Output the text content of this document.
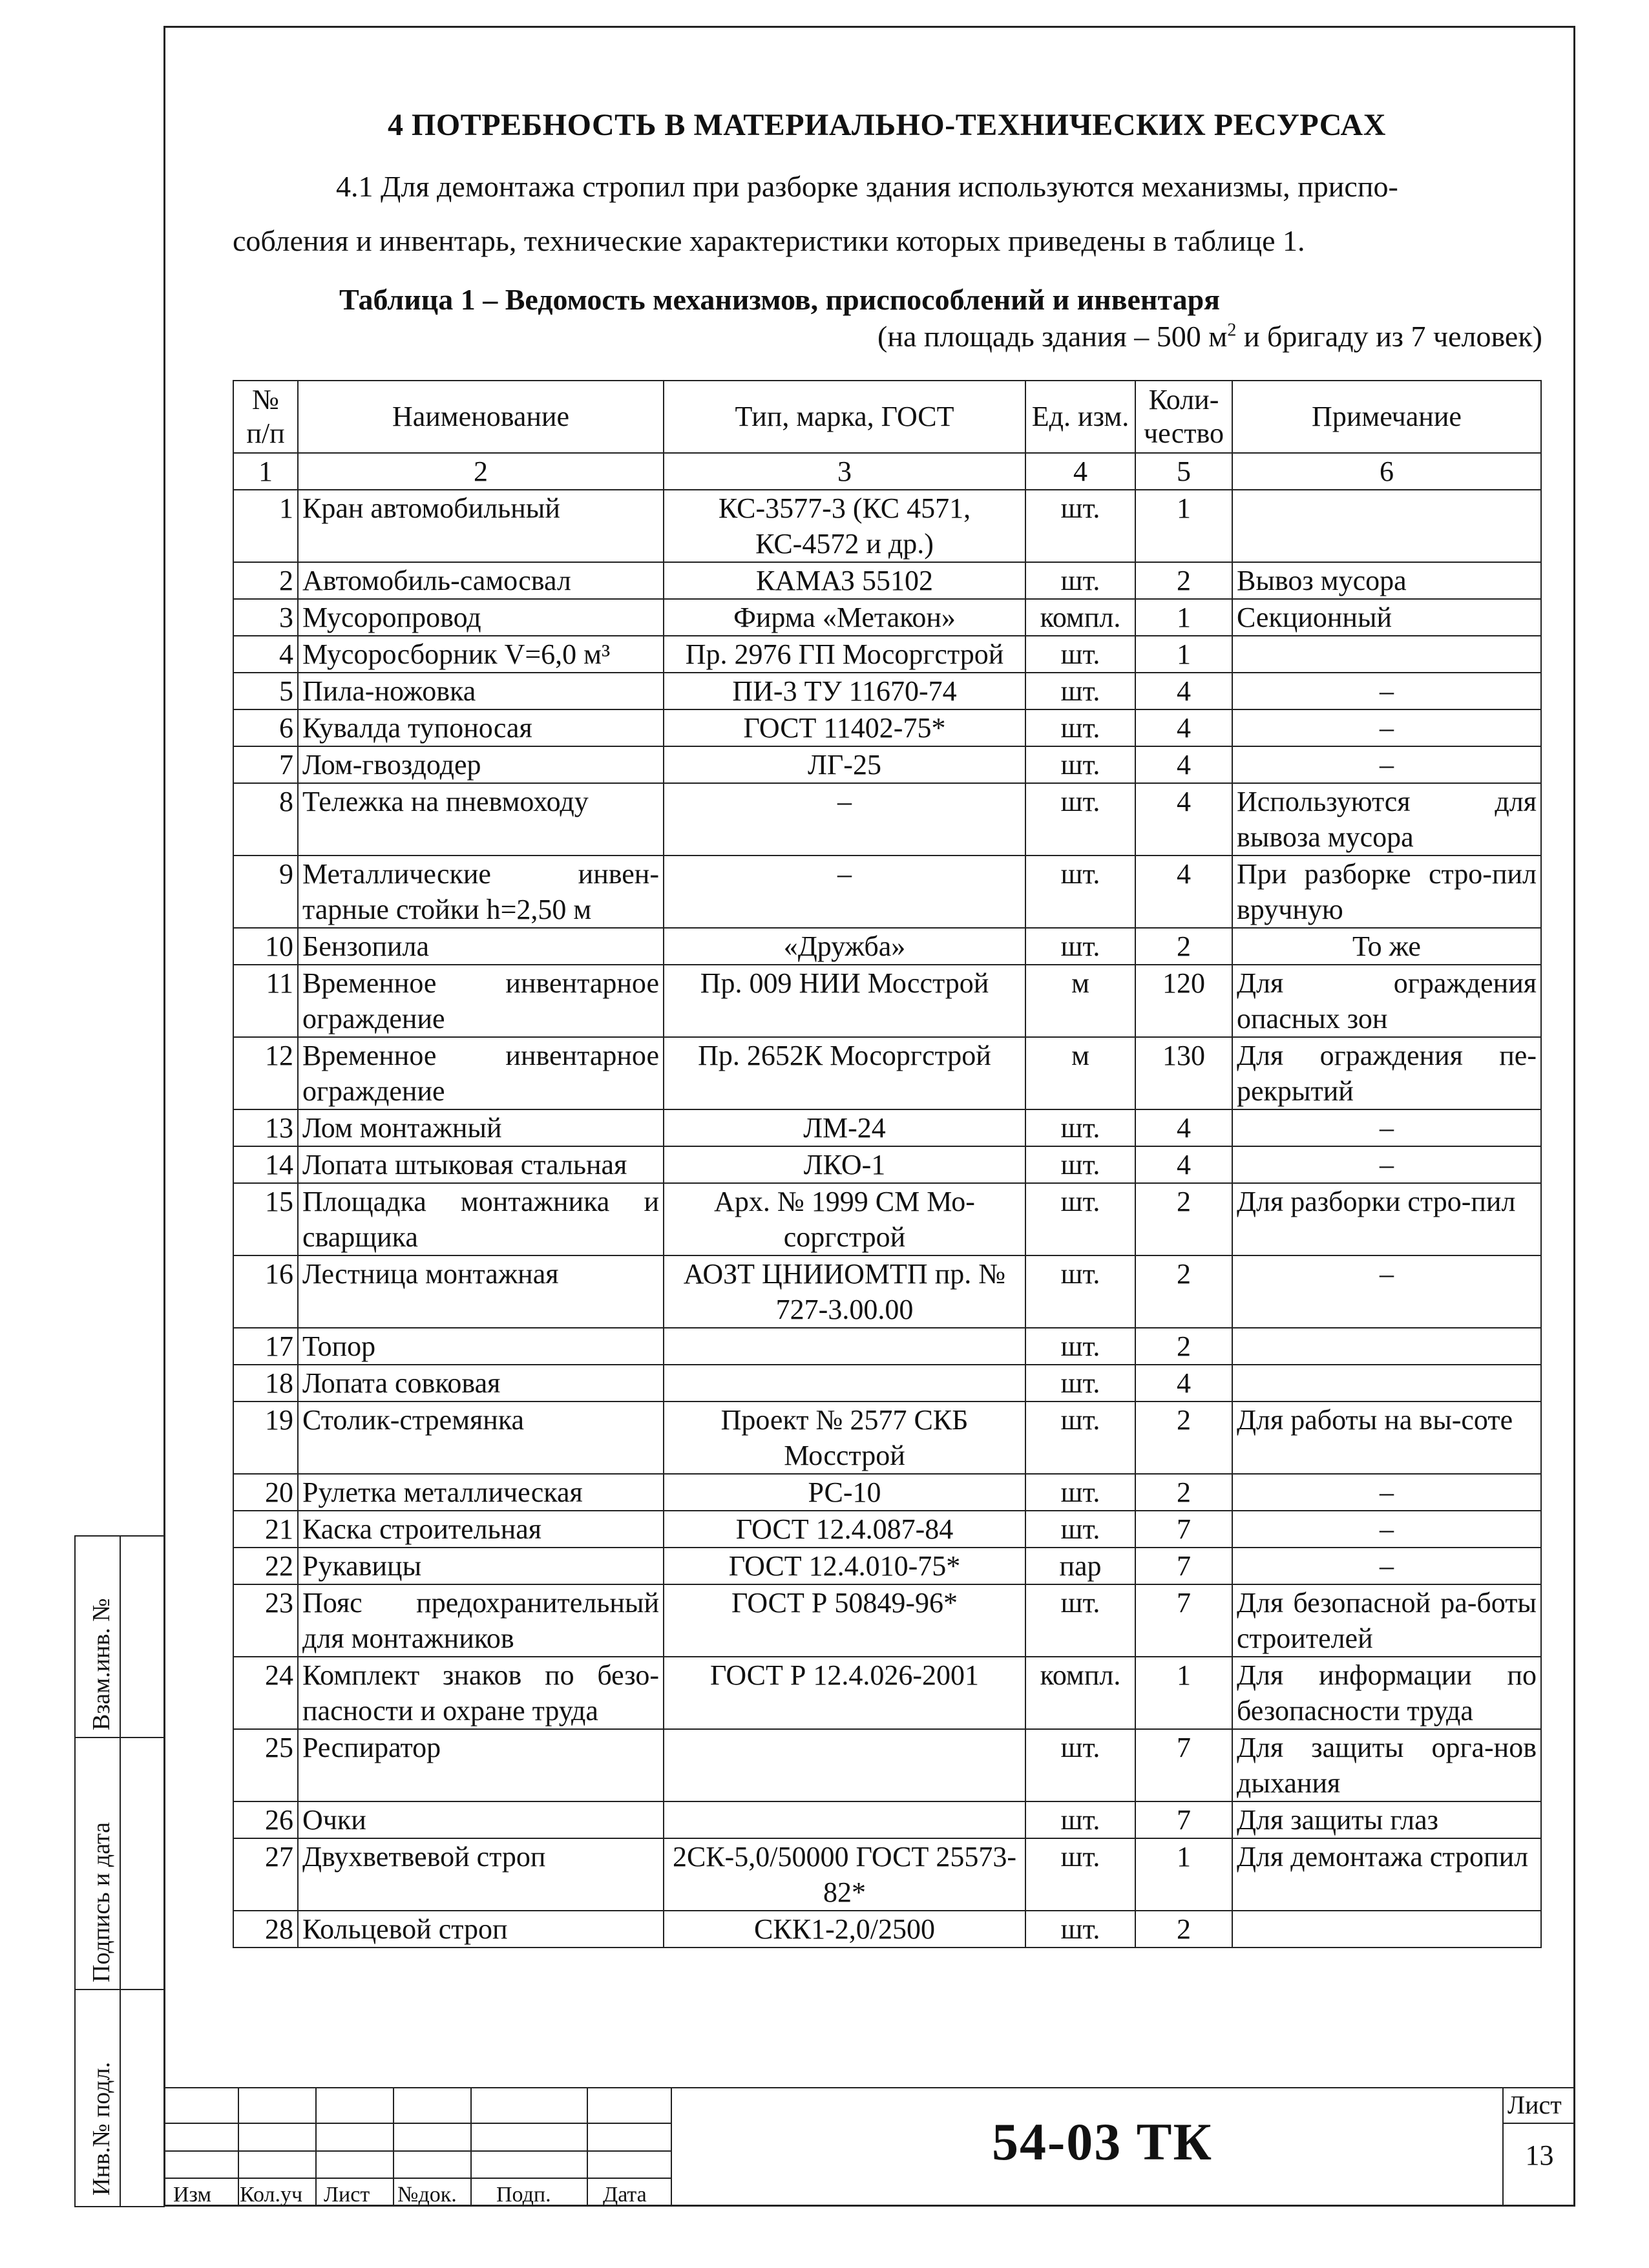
4 ПОТРЕБНОСТЬ В МАТЕРИАЛЬНО-ТЕХНИЧЕСКИХ РЕСУРСАХ
4.1 Для демонтажа стропил при разборке здания используются механизмы, приспо-
собления и инвентарь, технические характеристики которых приведены в таблице 1.
Таблица 1 – Ведомость механизмов, приспособлений и инвентаря
(на площадь здания – 500 $м^2$ и бригаду из 7 человек)
№ п/п	Наименование	Тип, марка, ГОСТ	Ед. изм.	Коли-чество	Примечание
1	2	3	4	5	6
1	Кран автомобильный	КС-3577-3 (КС 4571, КС-4572 и др.)	шт.	1	
2	Автомобиль-самосвал	КАМАЗ 55102	шт.	2	Вывоз мусора
3	Мусоропровод	Фирма «Метакон»	компл.	1	Секционный
4	Мусоросборник V=6,0 м³	Пр. 2976 ГП Мосоргстрой	шт.	1	
5	Пила-ножовка	ПИ-3 ТУ 11670-74	шт.	4	–
6	Кувалда тупоносая	ГОСТ 11402-75*	шт.	4	–
7	Лом-гвоздодер	ЛГ-25	шт.	4	–
8	Тележка на пневмоходу	–	шт.	4	Используются для вывоза мусора
9	Металлические инвен-тарные стойки h=2,50 м	–	шт.	4	При разборке стро-пил вручную
10	Бензопила	«Дружба»	шт.	2	То же
11	Временное инвентарное ограждение	Пр. 009 НИИ Мосстрой	м	120	Для ограждения опасных зон
12	Временное инвентарное ограждение	Пр. 2652К Мосоргстрой	м	130	Для ограждения пе-рекрытий
13	Лом монтажный	ЛМ-24	шт.	4	–
14	Лопата штыковая стальная	ЛКО-1	шт.	4	–
15	Площадка монтажника и сварщика	Арх. № 1999 СМ Мо-соргстрой	шт.	2	Для разборки стро-пил
16	Лестница монтажная	АОЗТ ЦНИИОМТП пр. № 727-3.00.00	шт.	2	–
17	Топор		шт.	2	
18	Лопата совковая		шт.	4	
19	Столик-стремянка	Проект № 2577 СКБ Мосстрой	шт.	2	Для работы на вы-соте
20	Рулетка металлическая	РС-10	шт.	2	–
21	Каска строительная	ГОСТ 12.4.087-84	шт.	7	–
22	Рукавицы	ГОСТ 12.4.010-75*	пар	7	–
23	Пояс предохранительный для монтажников	ГОСТ Р 50849-96*	шт.	7	Для безопасной ра-боты строителей
24	Комплект знаков по безо-пасности и охране труда	ГОСТ Р 12.4.026-2001	компл.	1	Для информации по безопасности труда
25	Респиратор		шт.	7	Для защиты орга-нов дыхания
26	Очки		шт.	7	Для защиты глаз
27	Двухветвевой строп	2СК-5,0/50000 ГОСТ 25573-82*	шт.	1	Для демонтажа стропил
28	Кольцевой строп	СКК1-2,0/2500	шт.	2	
Взам.инв. №
Подпись и дата
Инв.№ подл.	Изм Кол.уч Лист №док. Подп. Дата
54-03 ТК
Лист
13
